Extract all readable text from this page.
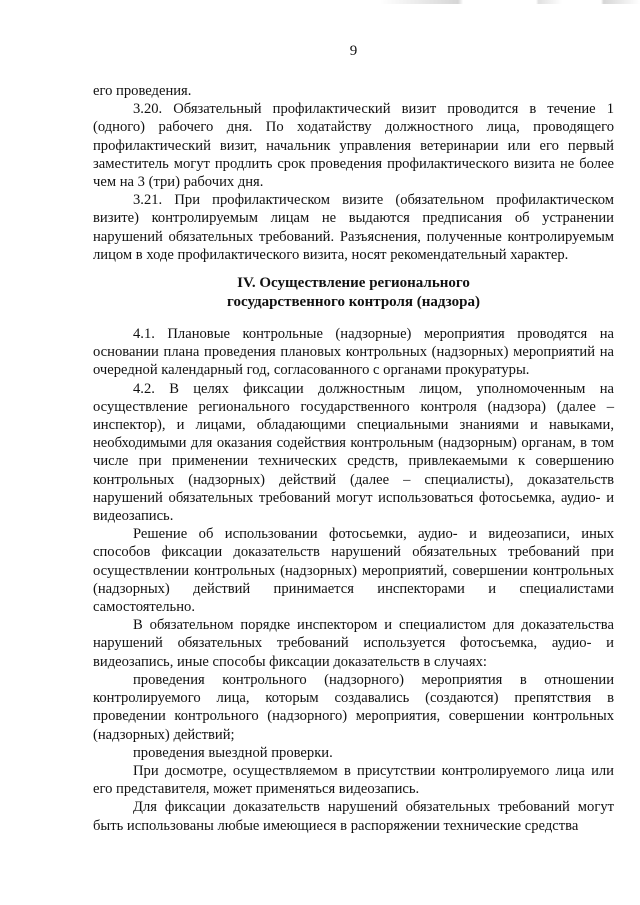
9

его проведения.

3.20. Обязательный профилактический визит проводится в течение 1 (одного) рабочего дня. По ходатайству должностного лица, проводящего профилактический визит, начальник управления ветеринарии или его первый заместитель могут продлить срок проведения профилактического визита не более чем на 3 (три) рабочих дня.

3.21. При профилактическом визите (обязательном профилактическом визите) контролируемым лицам не выдаются предписания об устранении нарушений обязательных требований. Разъяснения, полученные контролируемым лицом в ходе профилактического визита, носят рекомендательный характер.

IV. Осуществление регионального
государственного контроля (надзора)

4.1. Плановые контрольные (надзорные) мероприятия проводятся на основании плана проведения плановых контрольных (надзорных) мероприятий на очередной календарный год, согласованного с органами прокуратуры.

4.2. В целях фиксации должностным лицом, уполномоченным на осуществление регионального государственного контроля (надзора) (далее – инспектор), и лицами, обладающими специальными знаниями и навыками, необходимыми для оказания содействия контрольным (надзорным) органам, в том числе при применении технических средств, привлекаемыми к совершению контрольных (надзорных) действий (далее – специалисты), доказательств нарушений обязательных требований могут использоваться фотосьемка, аудио- и видеозапись.

Решение об использовании фотосьемки, аудио- и видеозаписи, иных способов фиксации доказательств нарушений обязательных требований при осуществлении контрольных (надзорных) мероприятий, совершении контрольных (надзорных) действий принимается инспекторами и специалистами самостоятельно.

В обязательном порядке инспектором и специалистом для доказательства нарушений обязательных требований используется фотосъемка, аудио- и видеозапись, иные способы фиксации доказательств в случаях:

проведения контрольного (надзорного) мероприятия в отношении контролируемого лица, которым создавались (создаются) препятствия в проведении контрольного (надзорного) мероприятия, совершении контрольных (надзорных) действий;

проведения выездной проверки.

При досмотре, осуществляемом в присутствии контролируемого лица или его представителя, может применяться видеозапись.

Для фиксации доказательств нарушений обязательных требований могут быть использованы любые имеющиеся в распоряжении технические средства
